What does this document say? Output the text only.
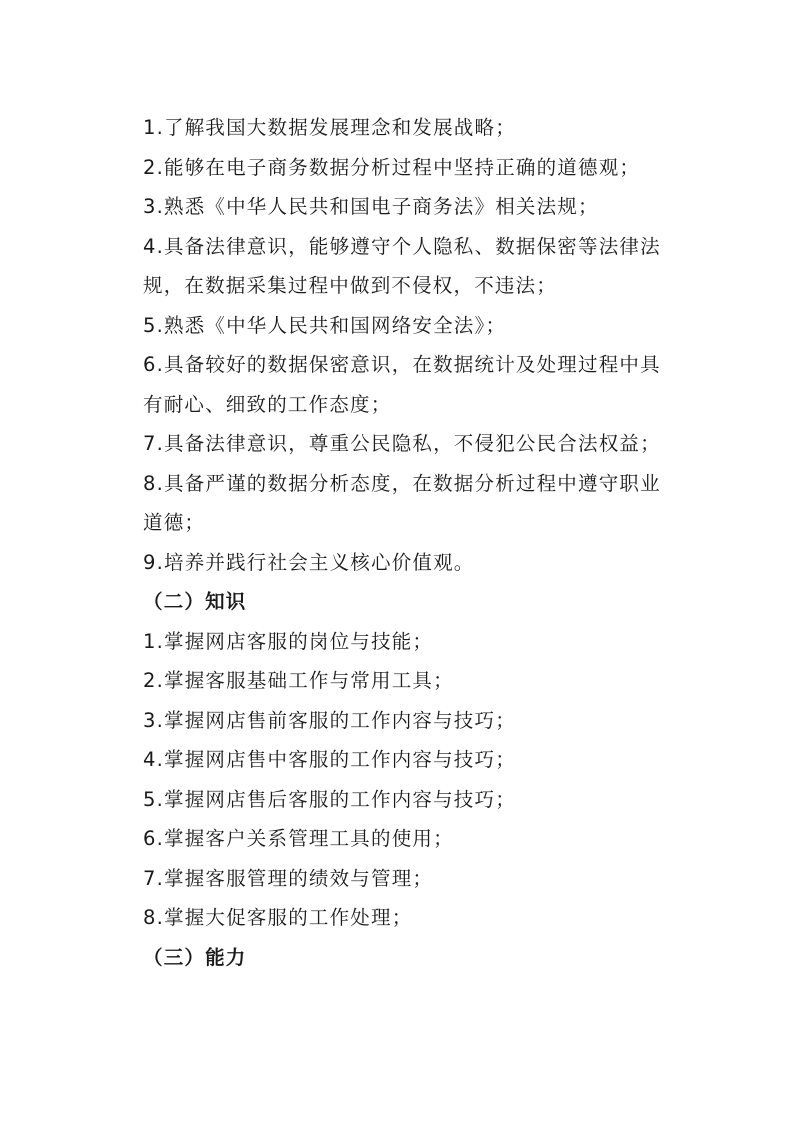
1.了解我国大数据发展理念和发展战略；
2.能够在电子商务数据分析过程中坚持正确的道德观；
3.熟悉《中华人民共和国电子商务法》相关法规；
4.具备法律意识，能够遵守个人隐私、数据保密等法律法
规，在数据采集过程中做到不侵权，不违法；
5.熟悉《中华人民共和国网络安全法》；
6.具备较好的数据保密意识，在数据统计及处理过程中具
有耐心、细致的工作态度；
7.具备法律意识，尊重公民隐私，不侵犯公民合法权益；
8.具备严谨的数据分析态度，在数据分析过程中遵守职业
道德；
9.培养并践行社会主义核心价值观。
（二）知识
1.掌握网店客服的岗位与技能；
2.掌握客服基础工作与常用工具；
3.掌握网店售前客服的工作内容与技巧；
4.掌握网店售中客服的工作内容与技巧；
5.掌握网店售后客服的工作内容与技巧；
6.掌握客户关系管理工具的使用；
7.掌握客服管理的绩效与管理；
8.掌握大促客服的工作处理；
（三）能力
